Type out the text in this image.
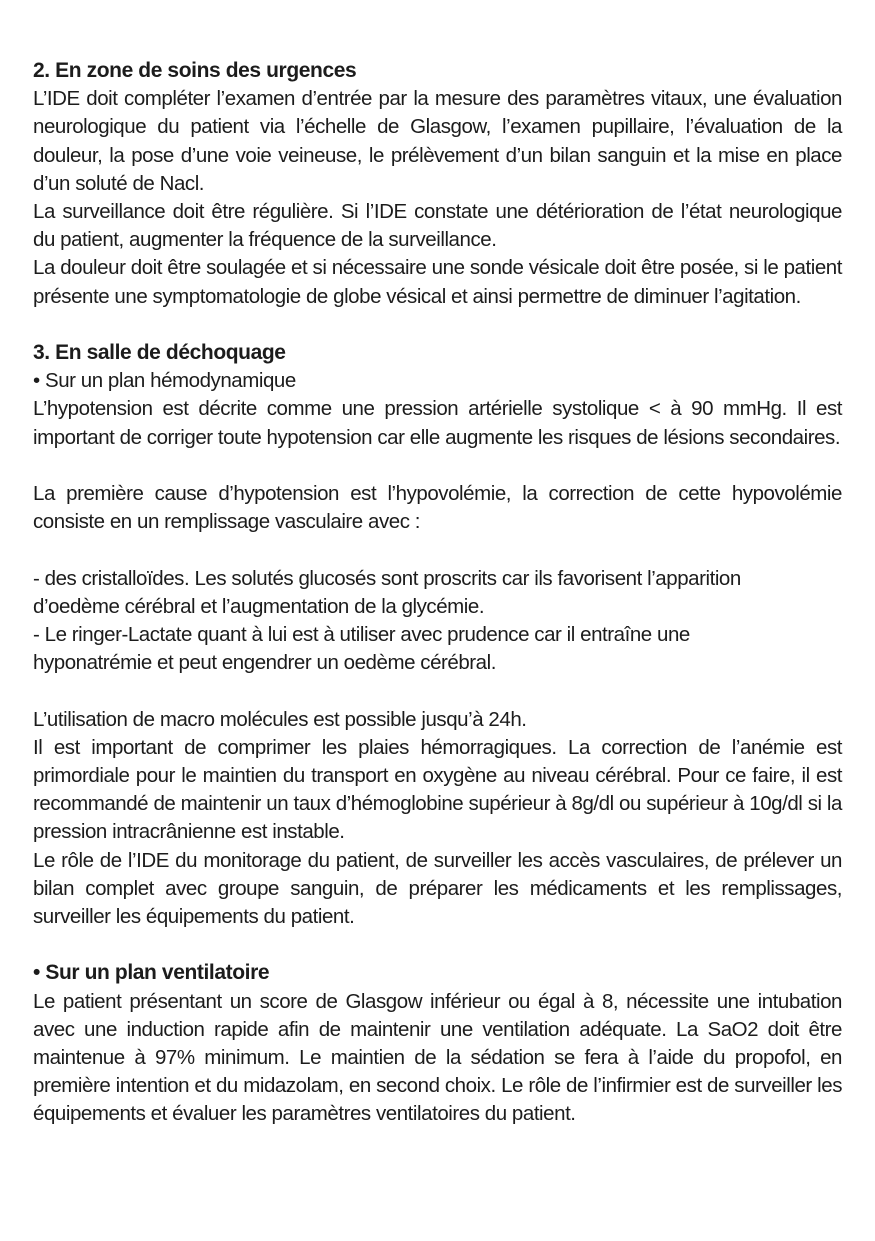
2. En zone de soins des urgences

L’IDE doit compléter l’examen d’entrée par la mesure des paramètres vitaux, une évaluation neurologique du patient via l’échelle de Glasgow, l’examen pupillaire, l’évaluation de la douleur, la pose d’une voie veineuse, le prélèvement d’un bilan sanguin et la mise en place d’un soluté de Nacl.

La surveillance doit être régulière. Si l’IDE constate une détérioration de l’état neurologique du patient, augmenter la fréquence de la surveillance.

La douleur doit être soulagée et si nécessaire une sonde vésicale doit être posée, si le patient présente une symptomatologie de globe vésical et ainsi permettre de diminuer l’agitation.

3. En salle de déchoquage

• Sur un plan hémodynamique

L’hypotension est décrite comme une pression artérielle systolique < à 90 mmHg. Il est important de corriger toute hypotension car elle augmente les risques de lésions secondaires.

La première cause d’hypotension est l’hypovolémie, la correction de cette hypovolémie consiste en un remplissage vasculaire avec :

- des cristalloïdes. Les solutés glucosés sont proscrits car ils favorisent l’apparition d’oedème cérébral et l’augmentation de la glycémie.

- Le ringer-Lactate quant à lui est à utiliser avec prudence car il entraîne une hyponatrémie et peut engendrer un oedème cérébral.

L’utilisation de macro molécules est possible jusqu’à 24h.

Il est important de comprimer les plaies hémorragiques. La correction de l’anémie est primordiale pour le maintien du transport en oxygène au niveau cérébral. Pour ce faire, il est recommandé de maintenir un taux d’hémoglobine supérieur à 8g/dl ou supérieur à 10g/dl si la pression intracrânienne est instable.

Le rôle de l’IDE du monitorage du patient, de surveiller les accès vasculaires, de prélever un bilan complet avec groupe sanguin, de préparer les médicaments et les remplissages, surveiller les équipements du patient.

• Sur un plan ventilatoire

Le patient présentant un score de Glasgow inférieur ou égal à 8, nécessite une intubation avec une induction rapide afin de maintenir une ventilation adéquate. La SaO2 doit être maintenue à 97% minimum. Le maintien de la sédation se fera à l’aide du propofol, en première intention et du midazolam, en second choix. Le rôle de l’infirmier est de surveiller les équipements et évaluer les paramètres ventilatoires du patient.
